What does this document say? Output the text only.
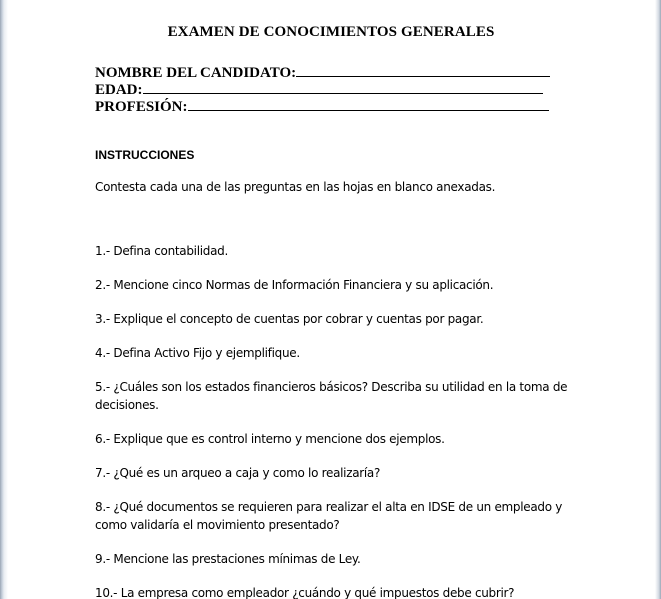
EXAMEN DE CONOCIMIENTOS GENERALES
NOMBRE DEL CANDIDATO:
EDAD:
PROFESIÓN:
INSTRUCCIONES
Contesta cada una de las preguntas en las hojas en blanco anexadas.
1.- Defina contabilidad.
2.- Mencione cinco Normas de Información Financiera y su aplicación.
3.- Explique el concepto de cuentas por cobrar y cuentas por pagar.
4.- Defina Activo Fijo y ejemplifique.
5.- ¿Cuáles son los estados financieros básicos? Describa su utilidad en la toma de decisiones.
6.- Explique que es control interno y mencione dos ejemplos.
7.- ¿Qué es un arqueo a caja y como lo realizaría?
8.- ¿Qué documentos se requieren para realizar el alta en IDSE de un empleado y como validaría el movimiento presentado?
9.- Mencione las prestaciones mínimas de Ley.
10.- La empresa como empleador ¿cuándo y qué impuestos debe cubrir?
